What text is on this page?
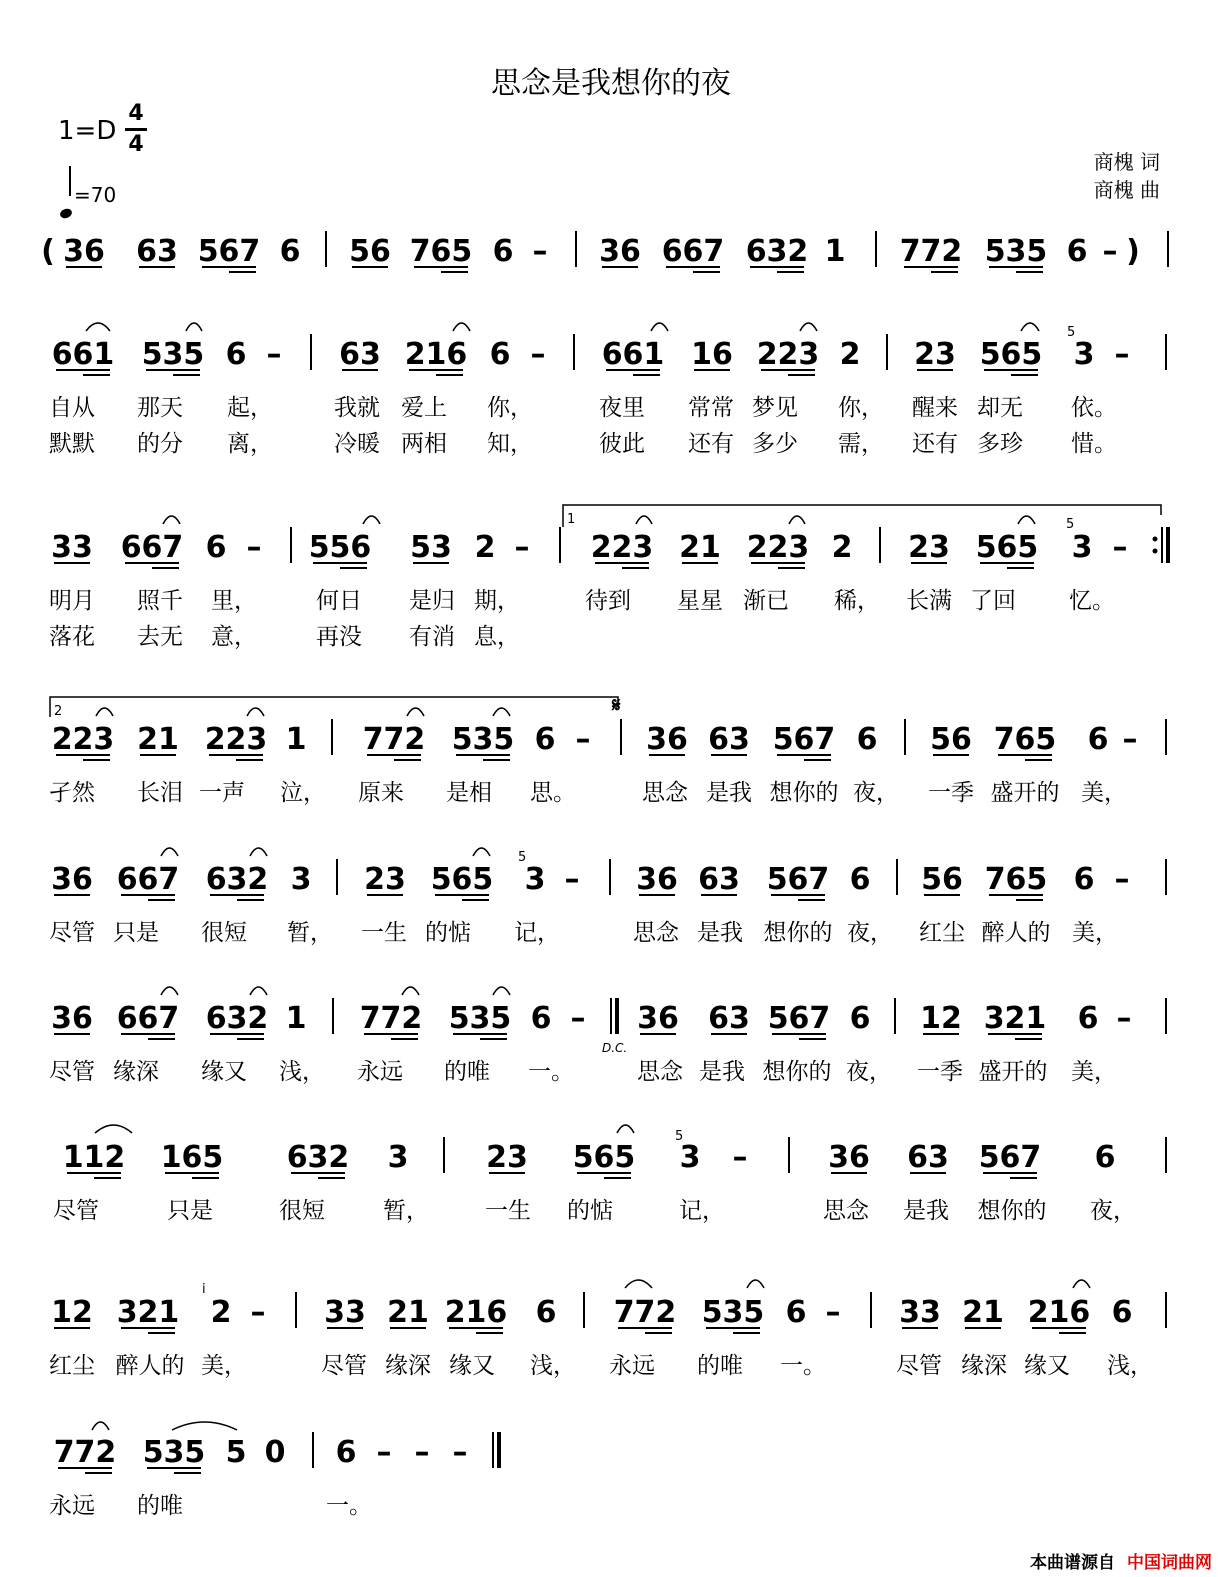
思念是我想你的夜
1=D
4
4
=70
商槐 词
商槐 曲
( 36 63 567 6 56 765 6 – 36 667 632 1 772 535 6 – )
661 535 6 – 63 216 6 – 661 16 223 2 23 565 3 –
自从 那天 起，	我就 爱上 你，	夜里 常常 梦见 你， 醒来 却无 依。
默默 的分 离，	冷暖 两相 知，	彼此 还有 多少 需， 还有 多珍 惜。
33 667 6 – 556 53 2 – 223 21 223 2 23 565 3 –
明月 照千 里，	何日 是归 期，	待到 星星 渐已 稀， 长满 了回 忆。
落花 去无 意，	再没 有消 息，
223 21 223 1 772 535 6 – 36 63 567 6 56 765 6 –
孑然 长泪 一声 泣， 原来 是相 思。	思念 是我 想你的 夜， 一季 盛开的 美，
36 667 632 3 23 565 3 – 36 63 567 6 56 765 6 –
尽管 只是 很短 暂， 一生 的惦 记，	思念 是我 想你的 夜， 红尘 醉人的 美，
36 667 632 1 772 535 6 – 36 63 567 6 12 321 6 –
尽管 缘深 缘又 浅， 永远 的唯 一。	思念 是我 想你的 夜， 一季 盛开的 美，
112 165 632 3	23 565 3 –	36 63 567 6
尽管	只是	很短	暂， 一生 的惦	记，	思念 是我 想你的 夜，
12 321 2 – 33 21 216 6 772 535 6 – 33 21 216 6
红尘 醉人的 美，	尽管 缘深 缘又 浅， 永远 的唯 一。	尽管 缘深 缘又 浅，
772 535 5 0 6 – – –
永远 的唯	一。
1
2	𝄋
D.C.
5
5
5
5
i
本曲谱源自 中国词曲网
